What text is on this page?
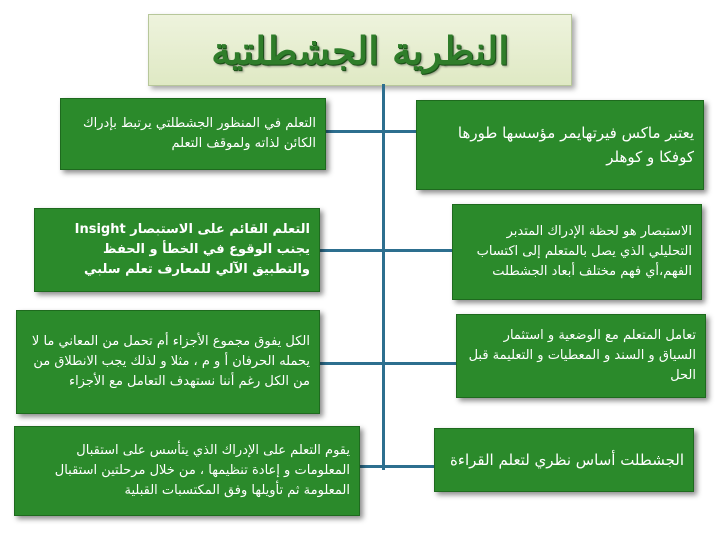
النظرية الجشطلتية
التعلم في المنظور الجشطلتي يرتبط بإدراك الكائن لذاته ولموقف التعلم
يعتبر ماكس فيرتهايمر مؤسسها طورها كوفكا و كوهلر
التعلم القائم على الاستبصار Insight يجنب الوقوع في الخطأ و الحفظ والتطبيق الآلي للمعارف تعلم سلبي
الاستبصار هو لحظة الإدراك المتدبر التحليلي الذي يصل بالمتعلم إلى اكتساب الفهم،أي فهم مختلف أبعاد الجشطلت
الكل يفوق مجموع الأجزاء أم تحمل من المعاني ما لا يحمله الحرفان أ و م ، مثلا و لذلك يجب الانطلاق من من الكل رغم أننا نستهدف التعامل مع الأجزاء
تعامل المتعلم مع الوضعية و استثمار السياق و السند و المعطيات و التعليمة قبل الحل
يقوم التعلم على الإدراك الذي يتأسس على استقبال المعلومات و إعادة تنظيمها ، من خلال مرحلتين استقبال المعلومة ثم تأويلها وفق المكتسبات القبلية
الجشطلت أساس نظري لتعلم القراءة
